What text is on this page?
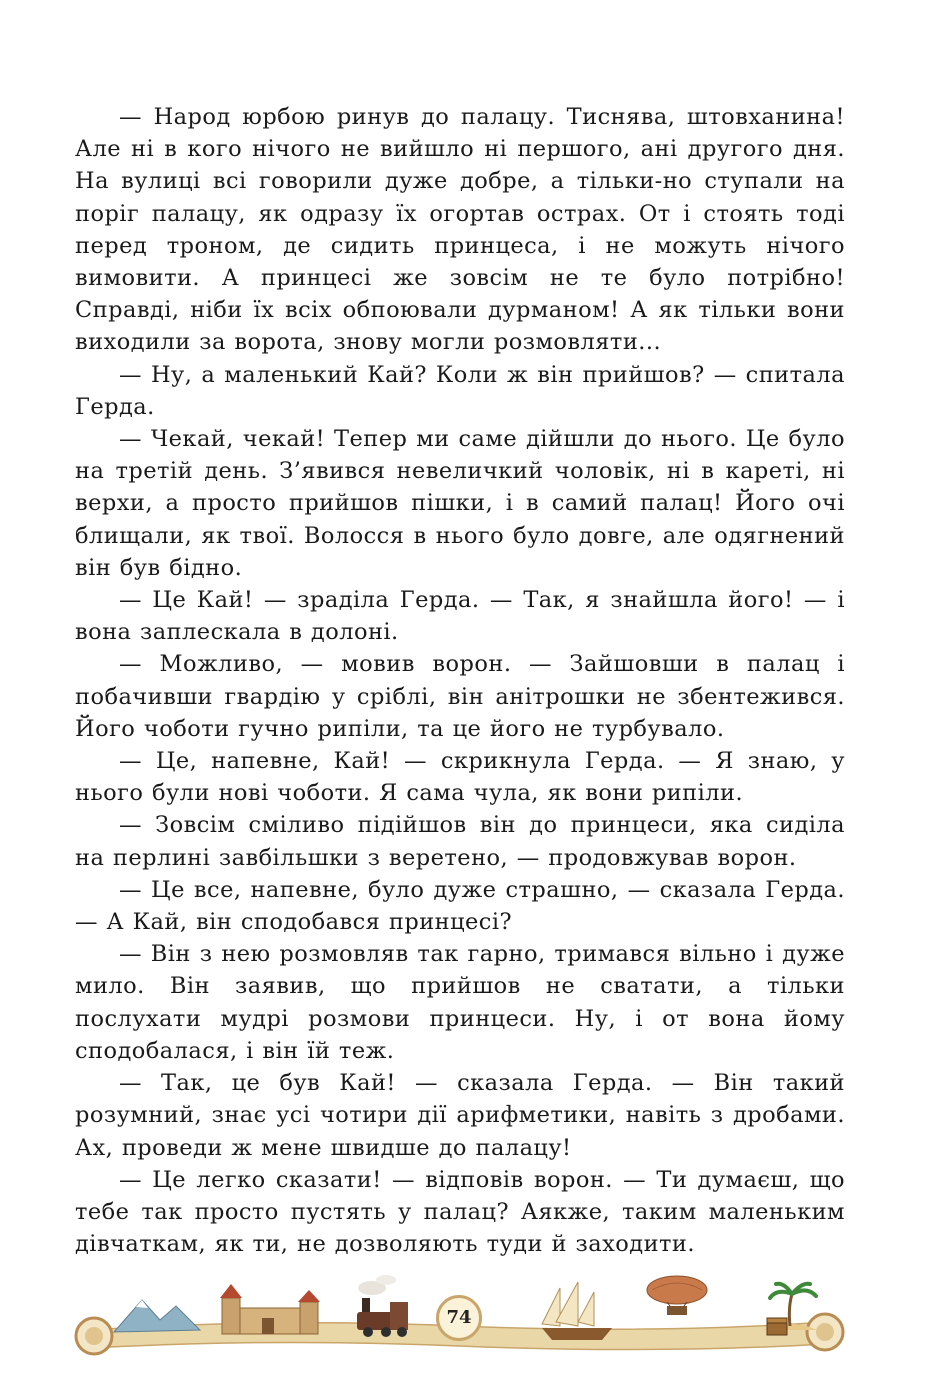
— Народ юрбою ринув до палацу. Тиснява, штовханина! Але ні в кого нічого не вийшло ні першого, ані другого дня. На вулиці всі говорили дуже добре, а тільки-но ступали на поріг палацу, як одразу їх огортав острах. От і стоять тоді перед троном, де сидить принцеса, і не можуть нічого вимовити. А принцесі же зовсім не те було потрібно! Справді, ніби їх всіх обпоювали дурманом! А як тільки вони виходили за ворота, знову могли розмовляти...

— Ну, а маленький Кай? Коли ж він прийшов? — спитала Герда.

— Чекай, чекай! Тепер ми саме дійшли до нього. Це було на третій день. З’явився невеличкий чоловік, ні в кареті, ні верхи, а просто прийшов пішки, і в самий палац! Його очі блищали, як твої. Волосся в нього було довге, але одягнений він був бідно.

— Це Кай! — зраділа Герда. — Так, я знайшла його! — і вона заплескала в долоні.

— Можливо, — мовив ворон. — Зайшовши в палац і побачивши гвардію у сріблі, він анітрошки не збентежився. Його чоботи гучно рипіли, та це його не турбувало.

— Це, напевне, Кай! — скрикнула Герда. — Я знаю, у нього були нові чоботи. Я сама чула, як вони рипіли.

— Зовсім сміливо підійшов він до принцеси, яка сиділа на перлині завбільшки з веретено, — продовжував ворон.

— Це все, напевне, було дуже страшно, — сказала Герда. — А Кай, він сподобався принцесі?

— Він з нею розмовляв так гарно, тримався вільно і дуже мило. Він заявив, що прийшов не сватати, а тільки послухати мудрі розмови принцеси. Ну, і от вона йому сподобалася, і він їй теж.

— Так, це був Кай! — сказала Герда. — Він такий розумний, знає усі чотири дії арифметики, навіть з дробами. Ах, проведи ж мене швидше до палацу!

— Це легко сказати! — відповів ворон. — Ти думаєш, що тебе так просто пустять у палац? Аякже, таким маленьким дівчаткам, як ти, не дозволяють туди й заходити.

74
